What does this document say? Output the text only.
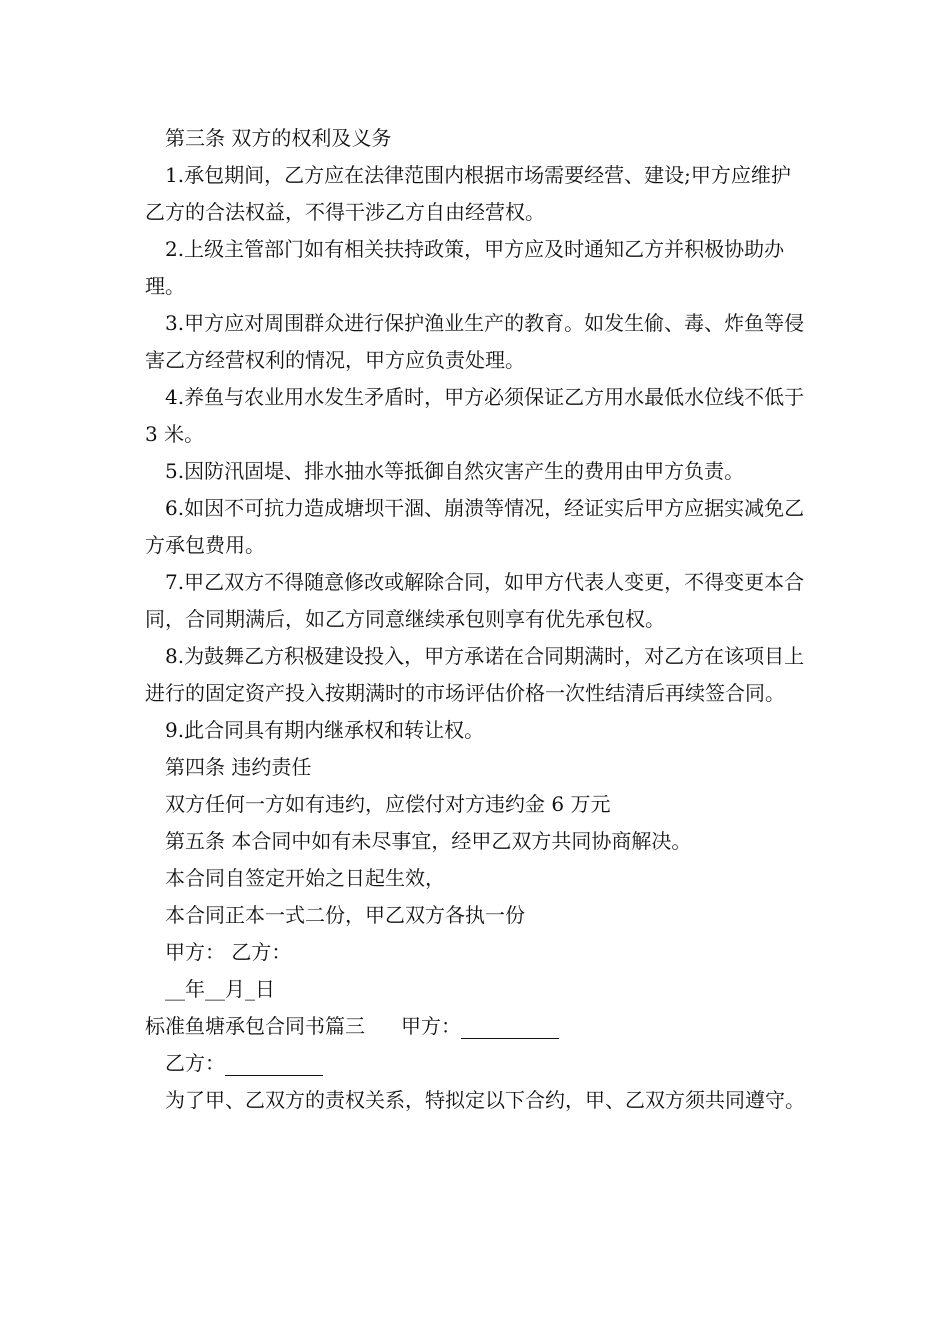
第三条 双方的权利及义务

1.承包期间，乙方应在法律范围内根据市场需要经营、建设;甲方应维护乙方的合法权益，不得干涉乙方自由经营权。

2.上级主管部门如有相关扶持政策，甲方应及时通知乙方并积极协助办理。

3.甲方应对周围群众进行保护渔业生产的教育。如发生偷、毒、炸鱼等侵害乙方经营权利的情况，甲方应负责处理。

4.养鱼与农业用水发生矛盾时，甲方必须保证乙方用水最低水位线不低于 3 米。

5.因防汛固堤、排水抽水等抵御自然灾害产生的费用由甲方负责。

6.如因不可抗力造成塘坝干涸、崩溃等情况，经证实后甲方应据实减免乙方承包费用。

7.甲乙双方不得随意修改或解除合同，如甲方代表人变更，不得变更本合同，合同期满后，如乙方同意继续承包则享有优先承包权。

8.为鼓舞乙方积极建设投入，甲方承诺在合同期满时，对乙方在该项目上进行的固定资产投入按期满时的市场评估价格一次性结清后再续签合同。

9.此合同具有期内继承权和转让权。

第四条 违约责任

双方任何一方如有违约，应偿付对方违约金 6 万元

第五条 本合同中如有未尽事宜，经甲乙双方共同协商解决。

本合同自签定开始之日起生效，

本合同正本一式二份，甲乙双方各执一份

甲方： 乙方：

__年__月_日

标准鱼塘承包合同书篇三 甲方：

乙方：

为了甲、乙双方的责权关系，特拟定以下合约，甲、乙双方须共同遵守。
